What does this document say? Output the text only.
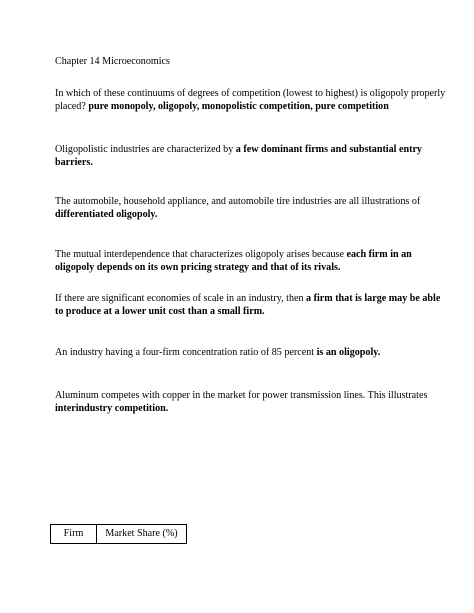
Chapter 14 Microeconomics
In which of these continuums of degrees of competition (lowest to highest) is oligopoly properly
placed? pure monopoly, oligopoly, monopolistic competition, pure competition
Oligopolistic industries are characterized by a few dominant firms and substantial entry
barriers.
The automobile, household appliance, and automobile tire industries are all illustrations of
differentiated oligopoly.
The mutual interdependence that characterizes oligopoly arises because each firm in an
oligopoly depends on its own pricing strategy and that of its rivals.
If there are significant economies of scale in an industry, then a firm that is large may be able
to produce at a lower unit cost than a small firm.
An industry having a four-firm concentration ratio of 85 percent is an oligopoly.
Aluminum competes with copper in the market for power transmission lines. This illustrates
interindustry competition.
Firm	Market Share (%)
